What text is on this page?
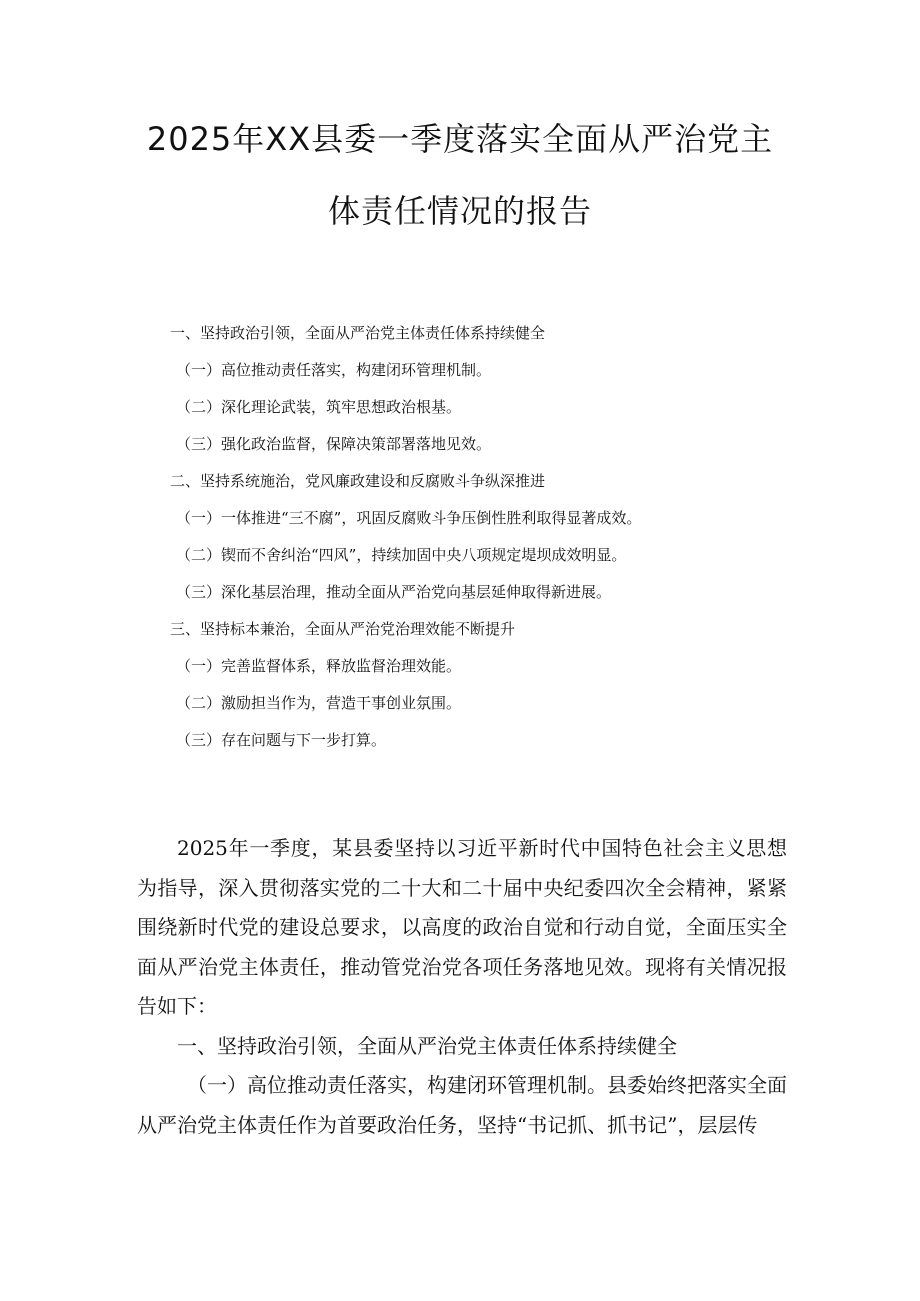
2025年XX县委一季度落实全面从严治党主
体责任情况的报告
一、坚持政治引领，全面从严治党主体责任体系持续健全
（一）高位推动责任落实，构建闭环管理机制。
（二）深化理论武装，筑牢思想政治根基。
（三）强化政治监督，保障决策部署落地见效。
二、坚持系统施治，党风廉政建设和反腐败斗争纵深推进
（一）一体推进“三不腐”，巩固反腐败斗争压倒性胜利取得显著成效。
（二）锲而不舍纠治“四风”，持续加固中央八项规定堤坝成效明显。
（三）深化基层治理，推动全面从严治党向基层延伸取得新进展。
三、坚持标本兼治，全面从严治党治理效能不断提升
（一）完善监督体系，释放监督治理效能。
（二）激励担当作为，营造干事创业氛围。
（三）存在问题与下一步打算。

2025年一季度，某县委坚持以习近平新时代中国特色社会主义思想为指导，深入贯彻落实党的二十大和二十届中央纪委四次全会精神，紧紧围绕新时代党的建设总要求，以高度的政治自觉和行动自觉，全面压实全面从严治党主体责任，推动管党治党各项任务落地见效。现将有关情况报告如下：

一、坚持政治引领，全面从严治党主体责任体系持续健全

（一）高位推动责任落实，构建闭环管理机制。县委始终把落实全面从严治党主体责任作为首要政治任务，坚持“书记抓、抓书记”，层层传
